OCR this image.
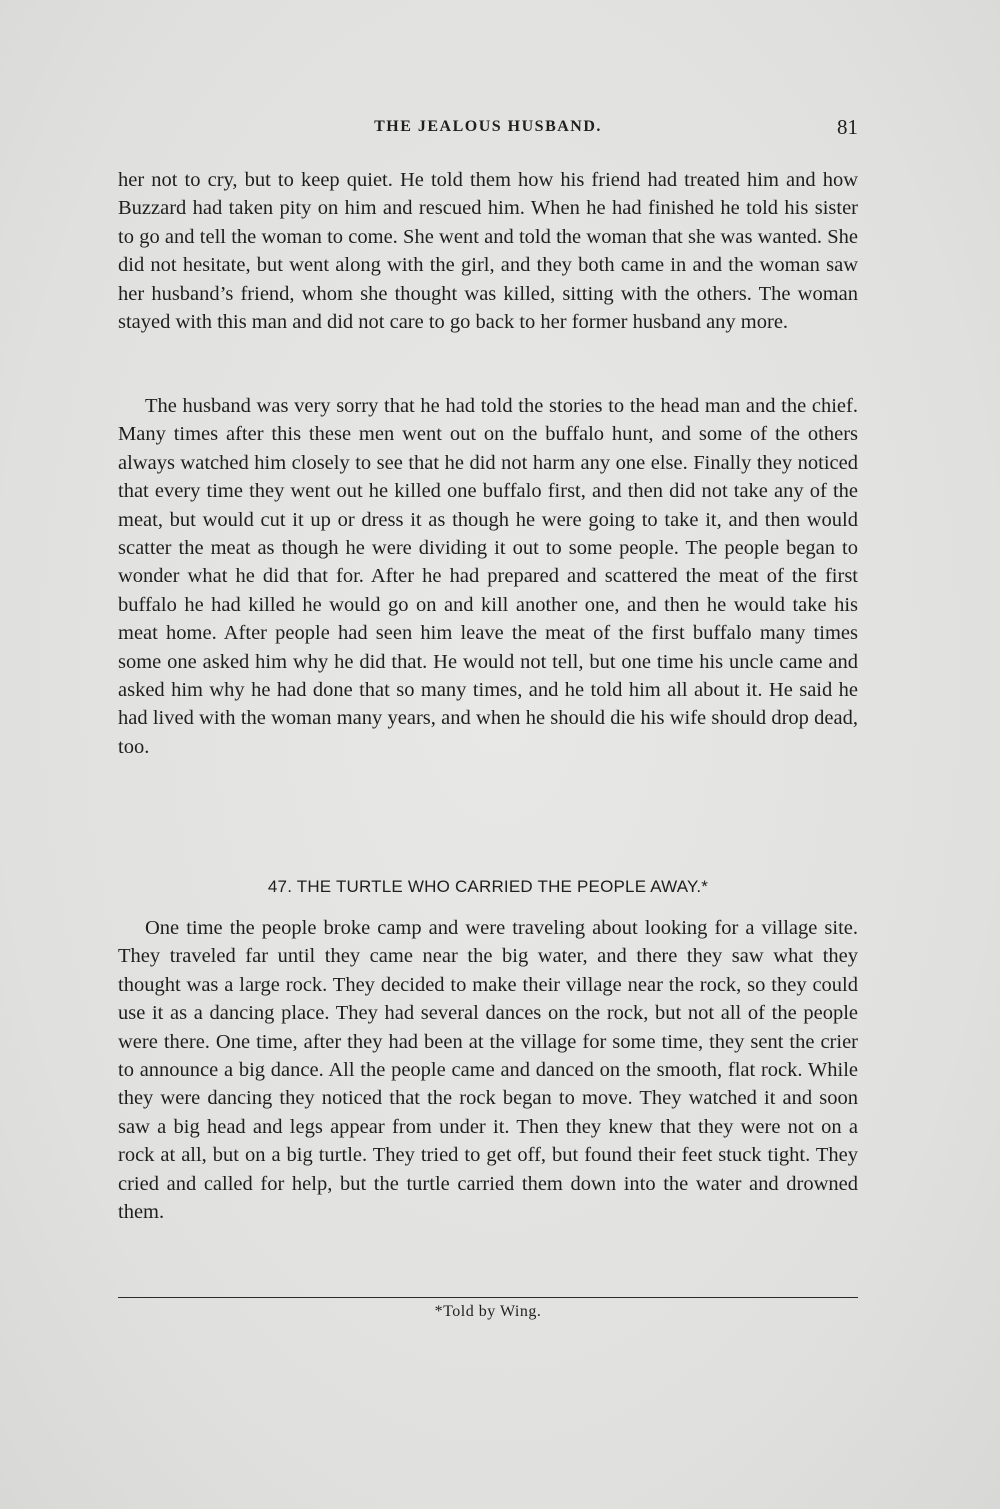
THE JEALOUS HUSBAND.	81

her not to cry, but to keep quiet. He told them how his friend had treated him and how Buzzard had taken pity on him and rescued him. When he had finished he told his sister to go and tell the woman to come. She went and told the woman that she was wanted. She did not hesitate, but went along with the girl, and they both came in and the woman saw her husband’s friend, whom she thought was killed, sitting with the others. The woman stayed with this man and did not care to go back to her former husband any more.

The husband was very sorry that he had told the stories to the head man and the chief. Many times after this these men went out on the buffalo hunt, and some of the others always watched him closely to see that he did not harm any one else. Finally they noticed that every time they went out he killed one buffalo first, and then did not take any of the meat, but would cut it up or dress it as though he were going to take it, and then would scatter the meat as though he were dividing it out to some people. The people began to wonder what he did that for. After he had prepared and scattered the meat of the first buffalo he had killed he would go on and kill another one, and then he would take his meat home. After people had seen him leave the meat of the first buffalo many times some one asked him why he did that. He would not tell, but one time his uncle came and asked him why he had done that so many times, and he told him all about it. He said he had lived with the woman many years, and when he should die his wife should drop dead, too.

47. THE TURTLE WHO CARRIED THE PEOPLE AWAY.*

One time the people broke camp and were traveling about looking for a village site. They traveled far until they came near the big water, and there they saw what they thought was a large rock. They decided to make their village near the rock, so they could use it as a dancing place. They had several dances on the rock, but not all of the people were there. One time, after they had been at the village for some time, they sent the crier to announce a big dance. All the people came and danced on the smooth, flat rock. While they were dancing they noticed that the rock began to move. They watched it and soon saw a big head and legs appear from under it. Then they knew that they were not on a rock at all, but on a big turtle. They tried to get off, but found their feet stuck tight. They cried and called for help, but the turtle carried them down into the water and drowned them.

*Told by Wing.
